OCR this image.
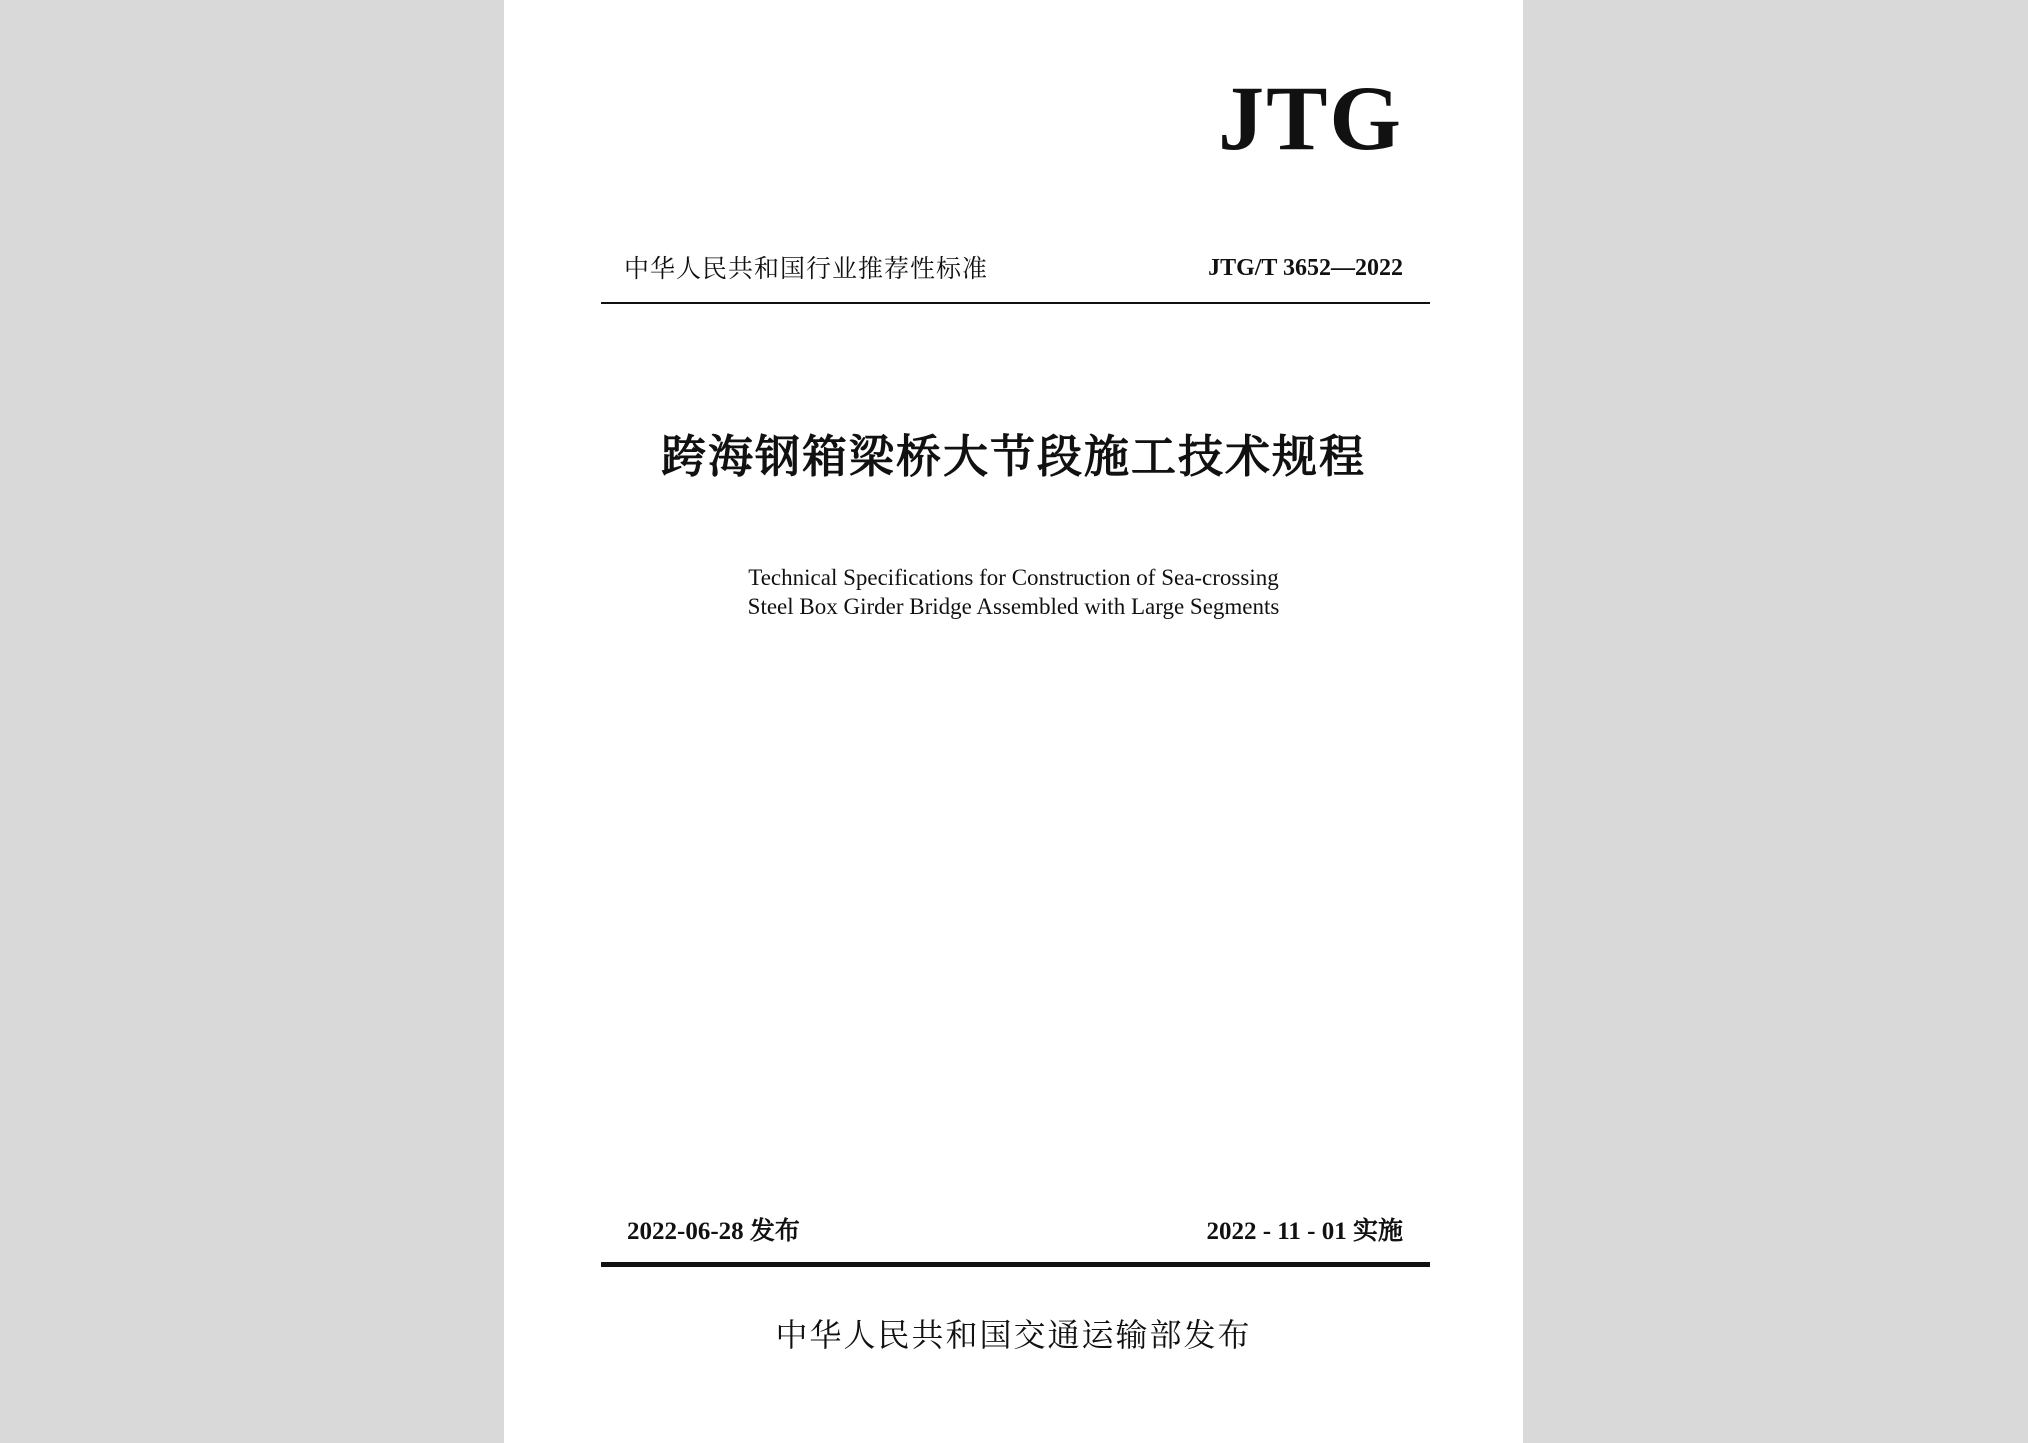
JTG
中华人民共和国行业推荐性标准	JTG/T 3652—2022
跨海钢箱梁桥大节段施工技术规程
Technical Specifications for Construction of Sea-crossing
Steel Box Girder Bridge Assembled with Large Segments
2022-06-28 发布	2022 - 11 - 01 实施
中华人民共和国交通运输部发布
